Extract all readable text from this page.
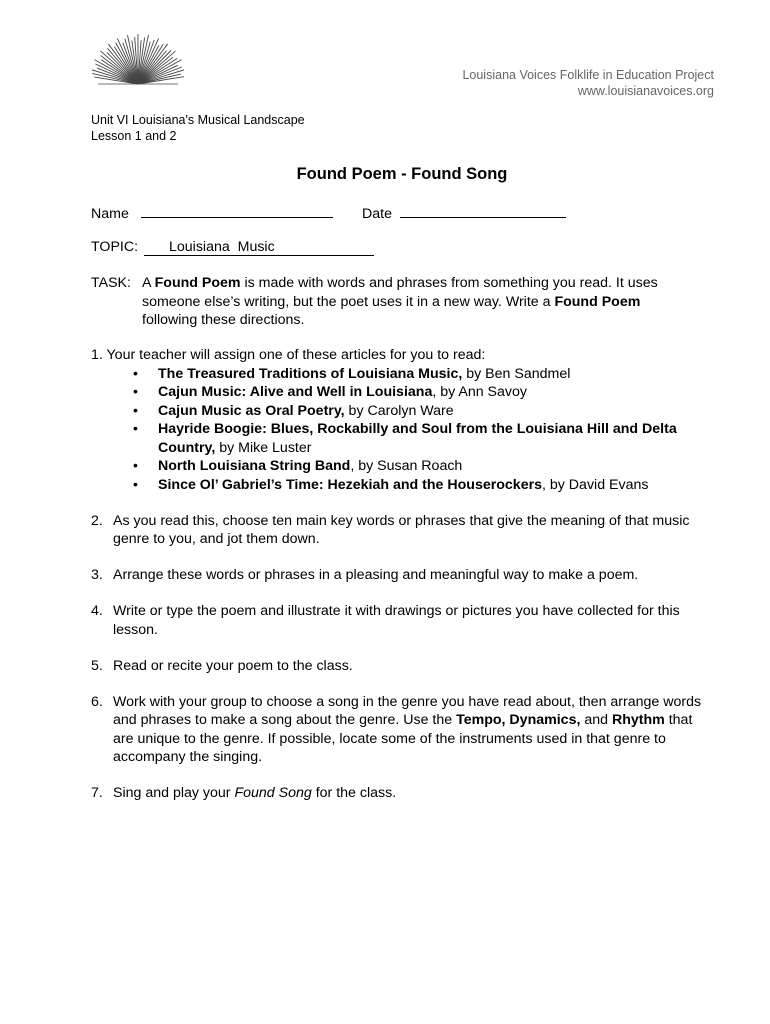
Louisiana Voices Folklife in Education Project
www.louisianavoices.org
Unit VI Louisiana's Musical Landscape
Lesson 1 and 2
Found Poem - Found Song
Name	Date
TOPIC: Louisiana  Music
TASK: A Found Poem is made with words and phrases from something you read. It uses

someone else’s writing, but the poet uses it in a new way. Write a Found Poem

following these directions.

1. Your teacher will assign one of these articles for you to read:

• The Treasured Traditions of Louisiana Music, by Ben Sandmel
• Cajun Music: Alive and Well in Louisiana, by Ann Savoy
• Cajun Music as Oral Poetry, by Carolyn Ware
• Hayride Boogie: Blues, Rockabilly and Soul from the Louisiana Hill and Delta Country, by Mike Luster
• North Louisiana String Band, by Susan Roach
• Since Ol’ Gabriel’s Time: Hezekiah and the Houserockers, by David Evans
2. As you read this, choose ten main key words or phrases that give the meaning of that music genre to you, and jot them down.
3. Arrange these words or phrases in a pleasing and meaningful way to make a poem.
4. Write or type the poem and illustrate it with drawings or pictures you have collected for this lesson.
5. Read or recite your poem to the class.
6. Work with your group to choose a song in the genre you have read about, then arrange words and phrases to make a song about the genre. Use the Tempo, Dynamics, and Rhythm that are unique to the genre. If possible, locate some of the instruments used in that genre to accompany the singing.
7. Sing and play your Found Song for the class.
